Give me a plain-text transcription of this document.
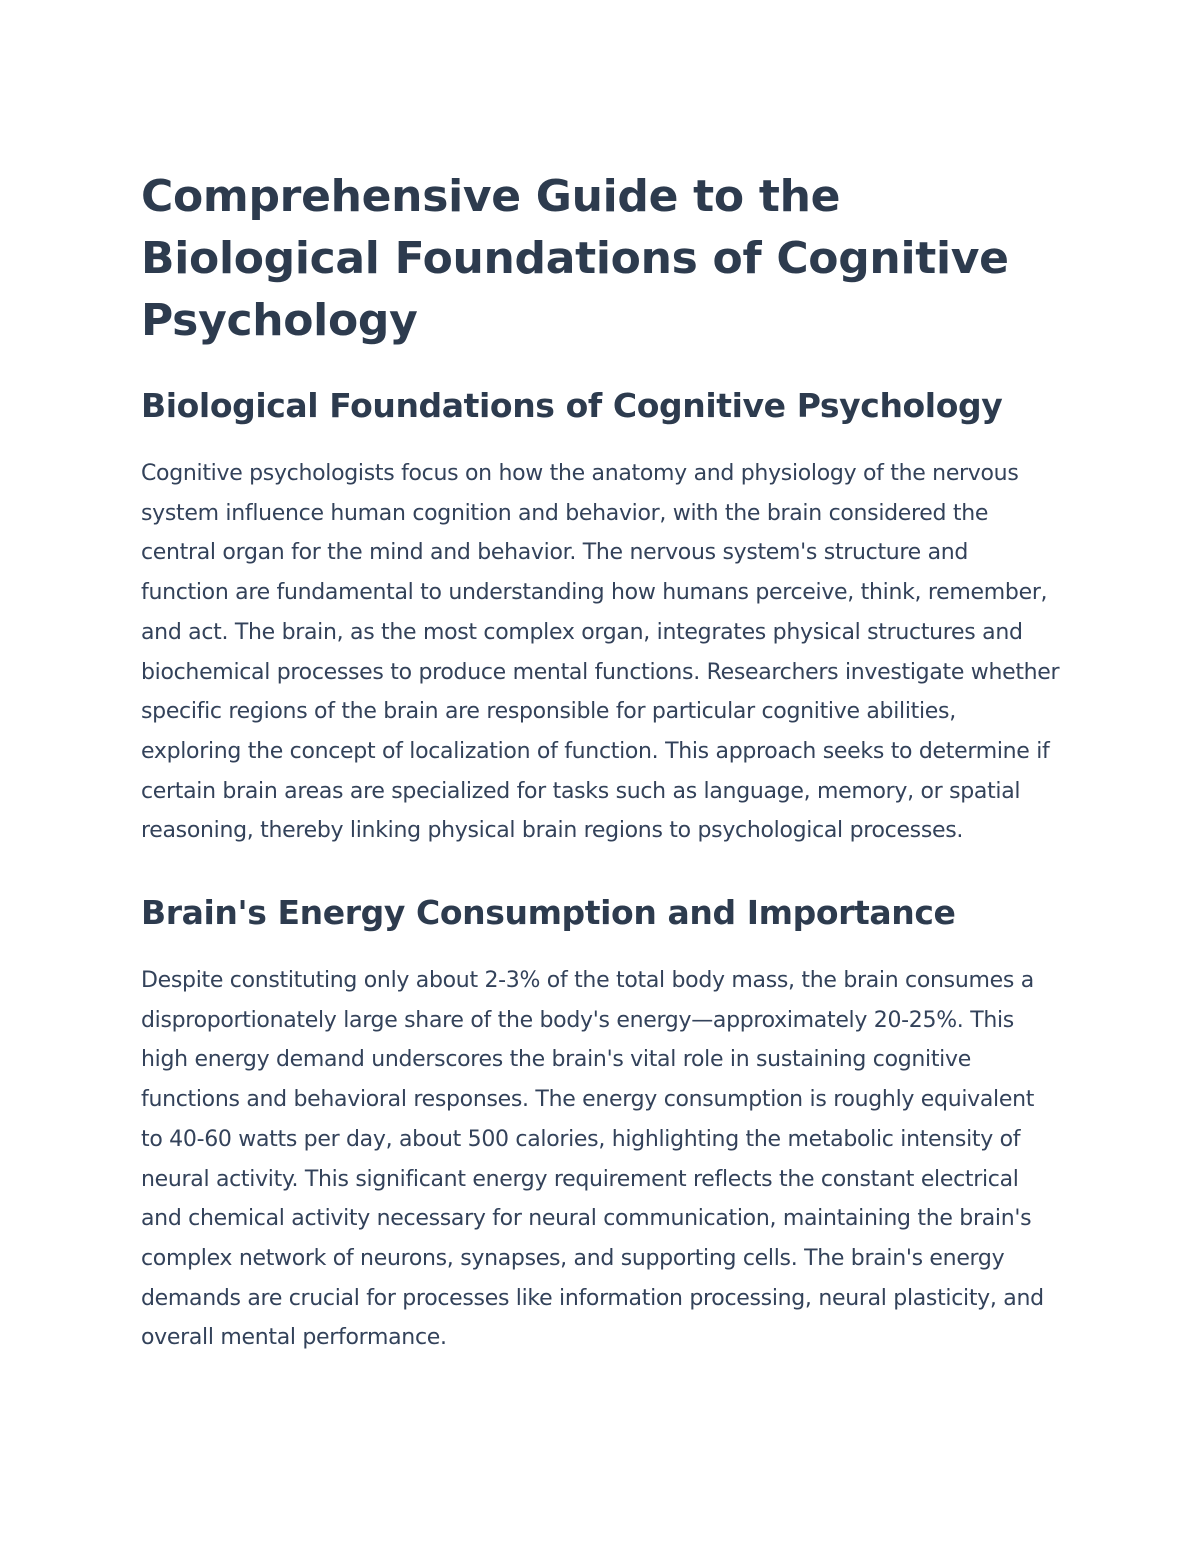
Comprehensive Guide to the Biological Foundations of Cognitive Psychology
Biological Foundations of Cognitive Psychology

Cognitive psychologists focus on how the anatomy and physiology of the nervous system influence human cognition and behavior, with the brain considered the central organ for the mind and behavior. The nervous system's structure and function are fundamental to understanding how humans perceive, think, remember, and act. The brain, as the most complex organ, integrates physical structures and biochemical processes to produce mental functions. Researchers investigate whether specific regions of the brain are responsible for particular cognitive abilities, exploring the concept of localization of function. This approach seeks to determine if certain brain areas are specialized for tasks such as language, memory, or spatial reasoning, thereby linking physical brain regions to psychological processes.

Brain's Energy Consumption and Importance

Despite constituting only about 2-3% of the total body mass, the brain consumes a disproportionately large share of the body's energy—approximately 20-25%. This high energy demand underscores the brain's vital role in sustaining cognitive functions and behavioral responses. The energy consumption is roughly equivalent to 40-60 watts per day, about 500 calories, highlighting the metabolic intensity of neural activity. This significant energy requirement reflects the constant electrical and chemical activity necessary for neural communication, maintaining the brain's complex network of neurons, synapses, and supporting cells. The brain's energy demands are crucial for processes like information processing, neural plasticity, and overall mental performance.
